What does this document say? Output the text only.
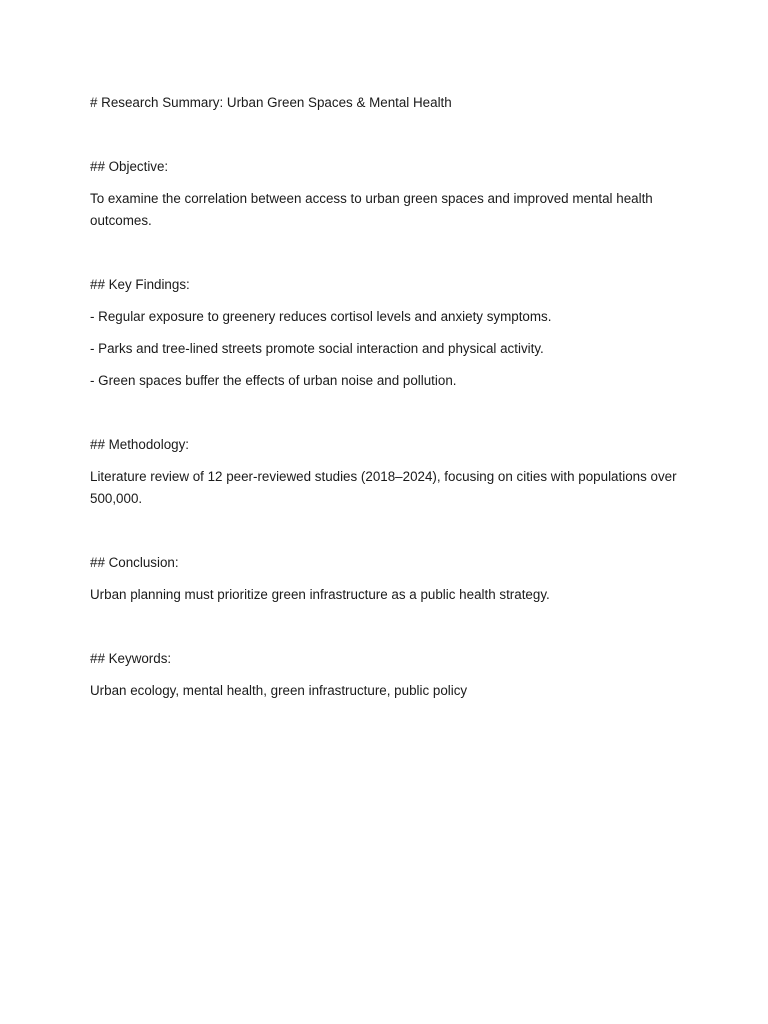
# Research Summary: Urban Green Spaces & Mental Health

## Objective:

To examine the correlation between access to urban green spaces and improved mental health outcomes.

## Key Findings:

- Regular exposure to greenery reduces cortisol levels and anxiety symptoms.

- Parks and tree-lined streets promote social interaction and physical activity.

- Green spaces buffer the effects of urban noise and pollution.

## Methodology:

Literature review of 12 peer-reviewed studies (2018–2024), focusing on cities with populations over 500,000.

## Conclusion:

Urban planning must prioritize green infrastructure as a public health strategy.

## Keywords:

Urban ecology, mental health, green infrastructure, public policy
